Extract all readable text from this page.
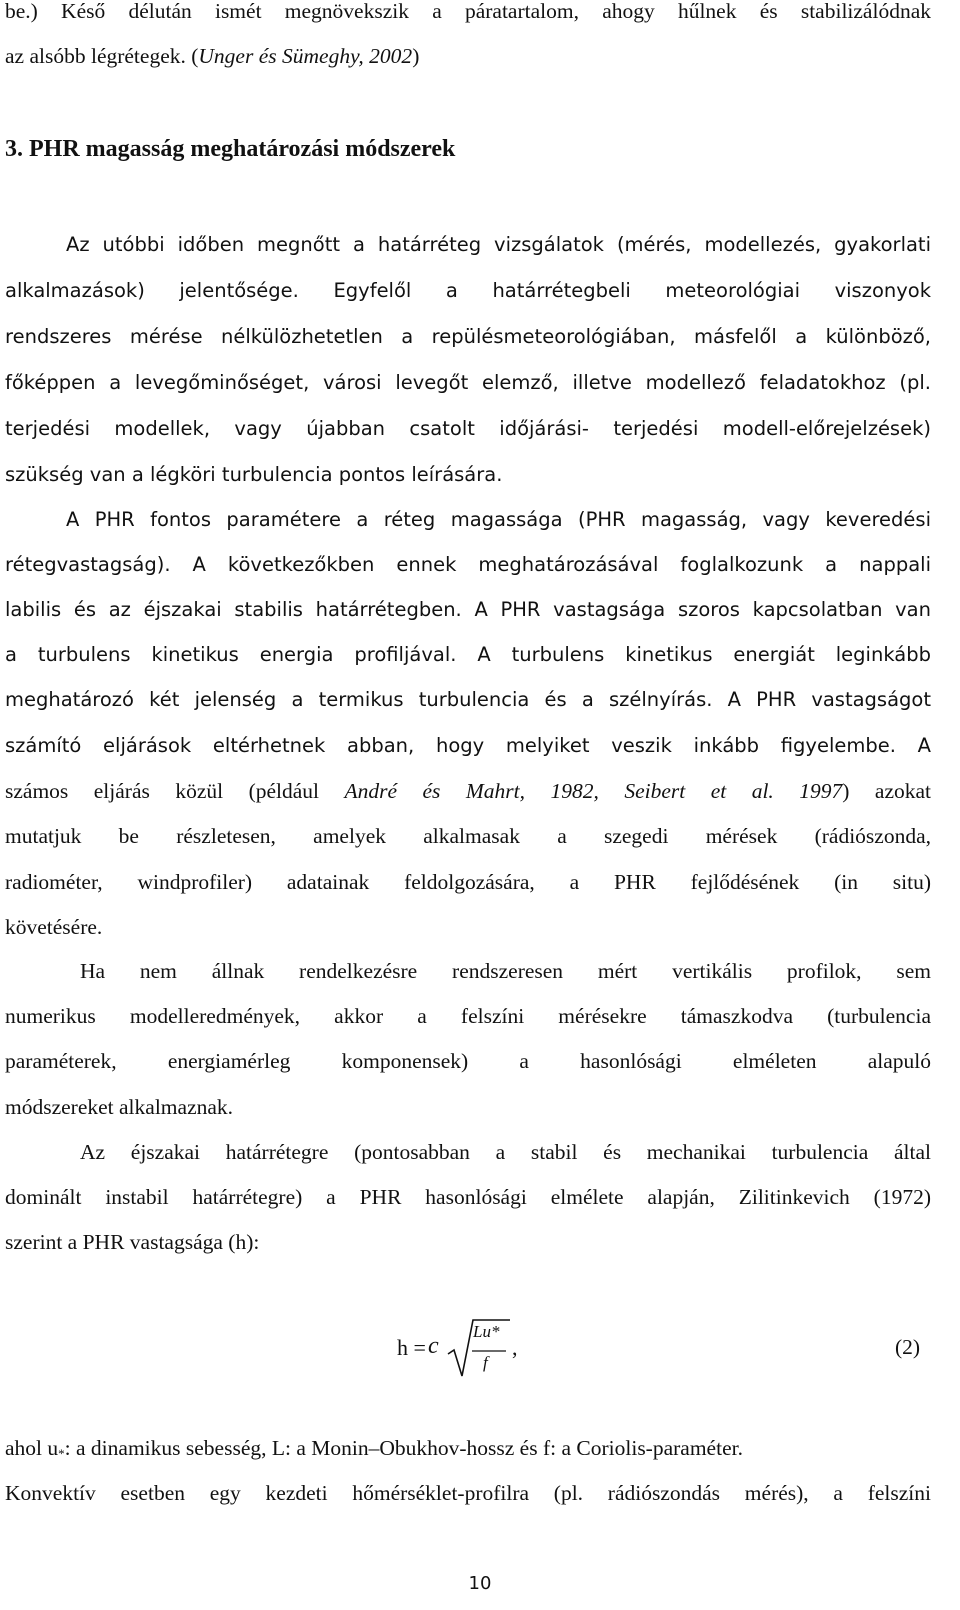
be.) Késő délután ismét megnövekszik a páratartalom, ahogy hűlnek és stabilizálódnak
az alsóbb légrétegek. (Unger és Sümeghy, 2002)
3. PHR magasság meghatározási módszerek
Az utóbbi időben megnőtt a határréteg vizsgálatok (mérés, modellezés, gyakorlati
alkalmazások) jelentősége. Egyfelől a határrétegbeli meteorológiai viszonyok
rendszeres mérése nélkülözhetetlen a repülésmeteorológiában, másfelől a különböző,
főképpen a levegőminőséget, városi levegőt elemző, illetve modellező feladatokhoz (pl.
terjedési modellek, vagy újabban csatolt időjárási- terjedési modell-előrejelzések)
szükség van a légköri turbulencia pontos leírására.
A PHR fontos paramétere a réteg magassága (PHR magasság, vagy keveredési
rétegvastagság). A következőkben ennek meghatározásával foglalkozunk a nappali
labilis és az éjszakai stabilis határrétegben. A PHR vastagsága szoros kapcsolatban van
a turbulens kinetikus energia profiljával. A turbulens kinetikus energiát leginkább
meghatározó két jelenség a termikus turbulencia és a szélnyírás. A PHR vastagságot
számító eljárások eltérhetnek abban, hogy melyiket veszik inkább figyelembe. A
számos eljárás közül (például André és Mahrt, 1982, Seibert et al. 1997) azokat
mutatjuk be részletesen, amelyek alkalmasak a szegedi mérések (rádiószonda,
radiométer, windprofiler) adatainak feldolgozására, a PHR fejlődésének (in situ)
követésére.
Ha nem állnak rendelkezésre rendszeresen mért vertikális profilok, sem
numerikus modelleredmények, akkor a felszíni mérésekre támaszkodva (turbulencia
paraméterek, energiamérleg komponensek) a hasonlósági elméleten alapuló
módszereket alkalmaznak.
Az éjszakai határrétegre (pontosabban a stabil és mechanikai turbulencia által
dominált instabil határrétegre) a PHR hasonlósági elmélete alapján, Zilitinkevich (1972)
szerint a PHR vastagsága (h):
h = c
Lu*
f
,	(2)
ahol u*: a dinamikus sebesség, L: a Monin–Obukhov-hossz és f: a Coriolis-paraméter.
Konvektív esetben egy kezdeti hőmérséklet-profilra (pl. rádiószondás mérés), a felszíni
10
